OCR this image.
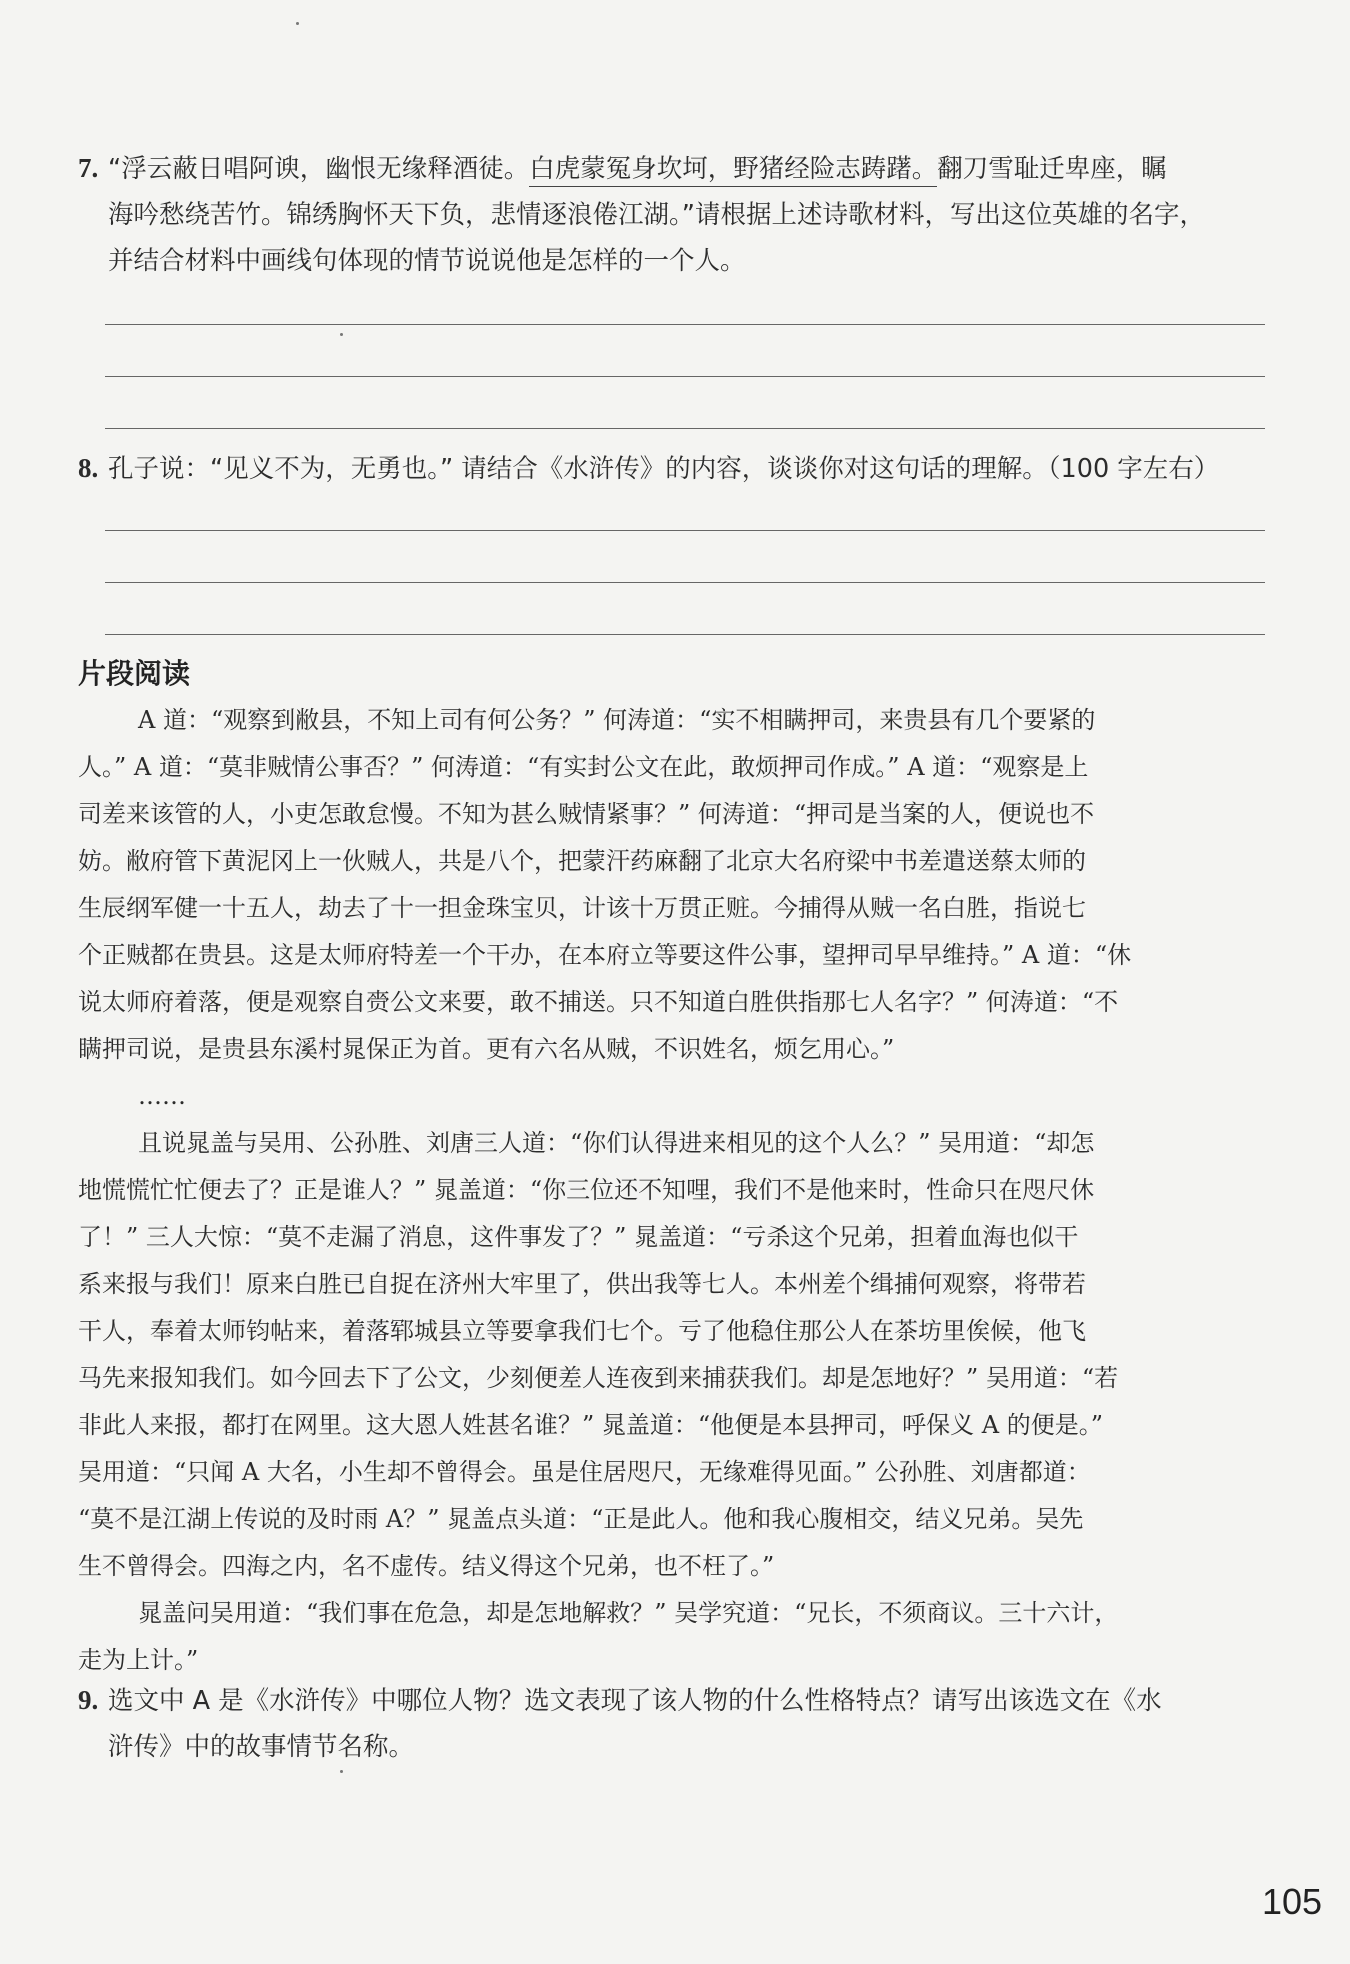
7. “浮云蔽日唱阿谀，幽恨无缘释酒徒。白虎蒙冤身坎坷，野猪经险志踌躇。翻刀雪耻迁卑座，瞩
海吟愁绕苦竹。锦绣胸怀天下负，悲情逐浪倦江湖。”请根据上述诗歌材料，写出这位英雄的名字，
并结合材料中画线句体现的情节说说他是怎样的一个人。
8. 孔子说：“见义不为，无勇也。” 请结合《水浒传》的内容，谈谈你对这句话的理解。（100 字左右）
片段阅读
A 道：“观察到敝县，不知上司有何公务？” 何涛道：“实不相瞒押司，来贵县有几个要紧的
人。” A 道：“莫非贼情公事否？” 何涛道：“有实封公文在此，敢烦押司作成。” A 道：“观察是上
司差来该管的人，小吏怎敢怠慢。不知为甚么贼情紧事？” 何涛道：“押司是当案的人，便说也不
妨。敝府管下黄泥冈上一伙贼人，共是八个，把蒙汗药麻翻了北京大名府梁中书差遣送蔡太师的
生辰纲军健一十五人，劫去了十一担金珠宝贝，计该十万贯正赃。今捕得从贼一名白胜，指说七
个正贼都在贵县。这是太师府特差一个干办，在本府立等要这件公事，望押司早早维持。” A 道：“休
说太师府着落，便是观察自赍公文来要，敢不捕送。只不知道白胜供指那七人名字？” 何涛道：“不
瞒押司说，是贵县东溪村晁保正为首。更有六名从贼，不识姓名，烦乞用心。”
……
且说晁盖与吴用、公孙胜、刘唐三人道：“你们认得进来相见的这个人么？” 吴用道：“却怎
地慌慌忙忙便去了？正是谁人？” 晁盖道：“你三位还不知哩，我们不是他来时，性命只在咫尺休
了！” 三人大惊：“莫不走漏了消息，这件事发了？” 晁盖道：“亏杀这个兄弟，担着血海也似干
系来报与我们！原来白胜已自捉在济州大牢里了，供出我等七人。本州差个缉捕何观察，将带若
干人，奉着太师钧帖来，着落郓城县立等要拿我们七个。亏了他稳住那公人在茶坊里俟候，他飞
马先来报知我们。如今回去下了公文，少刻便差人连夜到来捕获我们。却是怎地好？” 吴用道：“若
非此人来报，都打在网里。这大恩人姓甚名谁？” 晁盖道：“他便是本县押司，呼保义 A 的便是。”
吴用道：“只闻 A 大名，小生却不曾得会。虽是住居咫尺，无缘难得见面。” 公孙胜、刘唐都道：
“莫不是江湖上传说的及时雨 A？” 晁盖点头道：“正是此人。他和我心腹相交，结义兄弟。吴先
生不曾得会。四海之内，名不虚传。结义得这个兄弟，也不枉了。”
晁盖问吴用道：“我们事在危急，却是怎地解救？” 吴学究道：“兄长，不须商议。三十六计，
走为上计。”
9. 选文中 A 是《水浒传》中哪位人物？选文表现了该人物的什么性格特点？请写出该选文在《水
浒传》中的故事情节名称。
105
